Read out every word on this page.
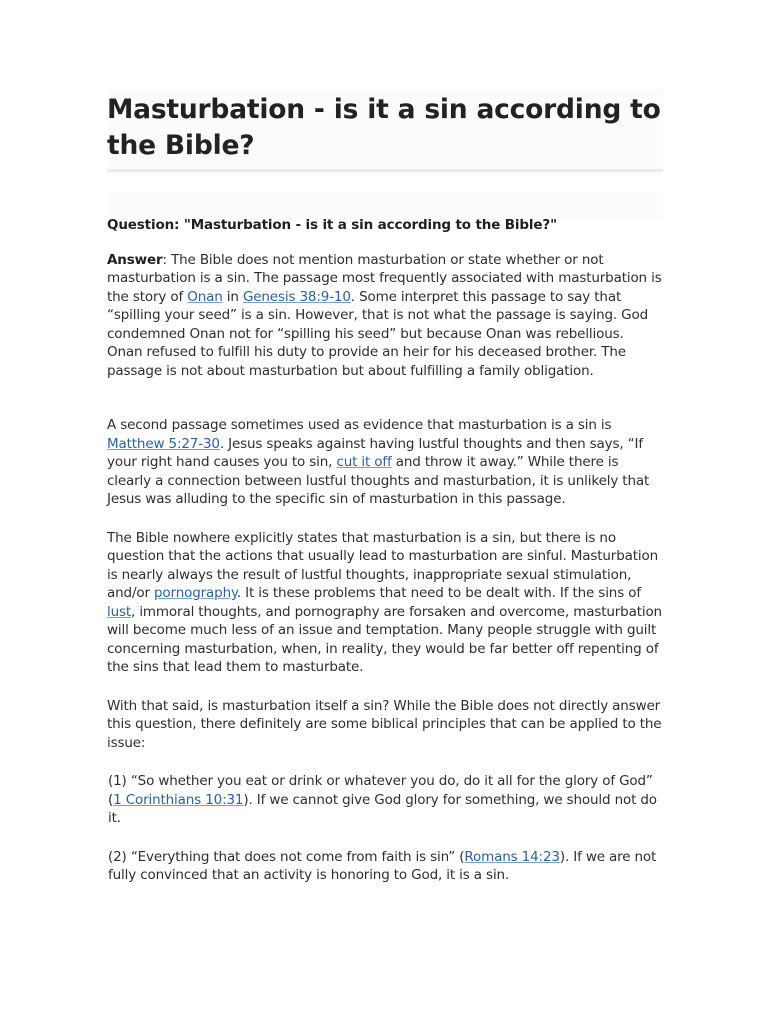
Masturbation - is it a sin according to the Bible?

Question: "Masturbation - is it a sin according to the Bible?"

Answer: The Bible does not mention masturbation or state whether or not masturbation is a sin. The passage most frequently associated with masturbation is the story of Onan in Genesis 38:9-10. Some interpret this passage to say that “spilling your seed” is a sin. However, that is not what the passage is saying. God condemned Onan not for “spilling his seed” but because Onan was rebellious. Onan refused to fulfill his duty to provide an heir for his deceased brother. The passage is not about masturbation but about fulfilling a family obligation.

A second passage sometimes used as evidence that masturbation is a sin is Matthew 5:27-30. Jesus speaks against having lustful thoughts and then says, “If your right hand causes you to sin, cut it off and throw it away.” While there is clearly a connection between lustful thoughts and masturbation, it is unlikely that Jesus was alluding to the specific sin of masturbation in this passage.

The Bible nowhere explicitly states that masturbation is a sin, but there is no question that the actions that usually lead to masturbation are sinful. Masturbation is nearly always the result of lustful thoughts, inappropriate sexual stimulation, and/or pornography. It is these problems that need to be dealt with. If the sins of lust, immoral thoughts, and pornography are forsaken and overcome, masturbation will become much less of an issue and temptation. Many people struggle with guilt concerning masturbation, when, in reality, they would be far better off repenting of the sins that lead them to masturbate.

With that said, is masturbation itself a sin? While the Bible does not directly answer this question, there definitely are some biblical principles that can be applied to the issue:

(1) “So whether you eat or drink or whatever you do, do it all for the glory of God” (1 Corinthians 10:31). If we cannot give God glory for something, we should not do it.

(2) “Everything that does not come from faith is sin” (Romans 14:23). If we are not fully convinced that an activity is honoring to God, it is a sin.
